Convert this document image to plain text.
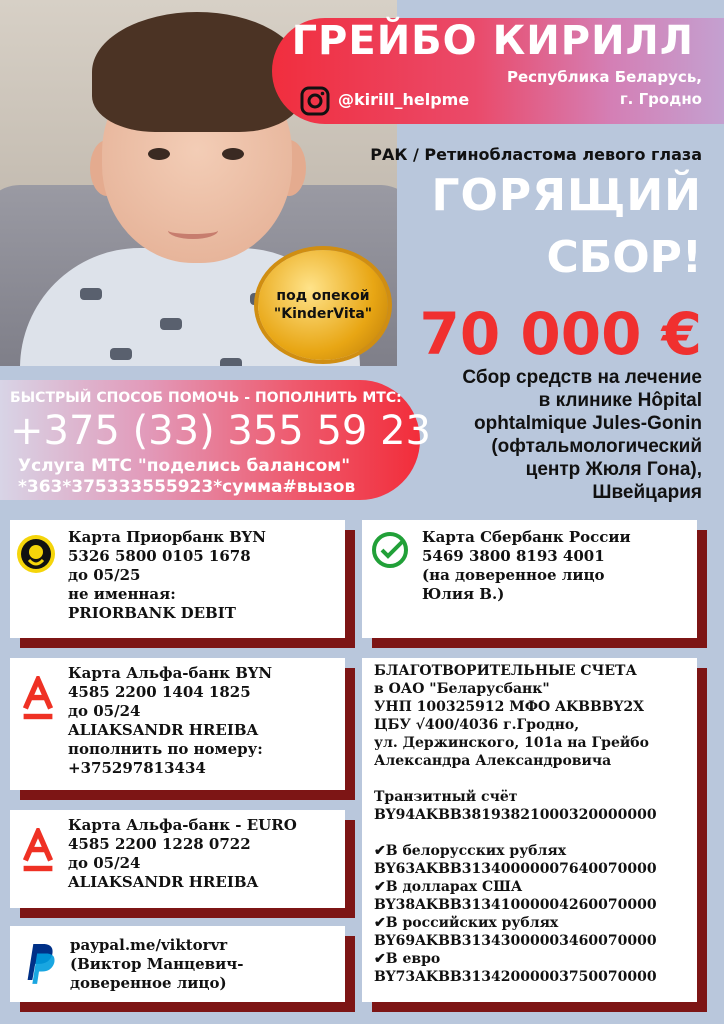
под опекой
"KinderVita"
ГРЕЙБО КИРИЛЛ
Республика Беларусь,
г. Гродно
@kirill_helpme
РАК / Ретинобластома левого глаза
ГОРЯЩИЙ
СБОР!
70 000 €
Сбор средств на лечение
в клинике Hôpital
ophtalmique Jules-Gonin
(офтальмологический
центр Жюля Гона),
Швейцария
БЫСТРЫЙ СПОСОБ ПОМОЧЬ - ПОПОЛНИТЬ МТС:
+375 (33) 355 59 23
Услуга МТС "поделись балансом"
*363*375333555923*сумма#вызов
Карта Приорбанк BYN
5326 5800 0105 1678
до 05/25
не именная:
PRIORBANK DEBIT
Карта Сбербанк России
5469 3800 8193 4001
(на доверенное лицо
Юлия В.)
Карта Альфа-банк BYN
4585 2200 1404 1825
до 05/24
ALIAKSANDR HREIBA
пополнить по номеру:
+375297813434
Карта Альфа-банк - EURO
4585 2200 1228 0722
до 05/24
ALIAKSANDR HREIBA
paypal.me/viktorvr
(Виктор Манцевич-
доверенное лицо)
БЛАГОТВОРИТЕЛЬНЫЕ СЧЕТА
в ОАО "Беларусбанк"
УНП 100325912 МФО AKBBBY2X
ЦБУ √400/4036 г.Гродно,
ул. Держинского, 101а на Грейбо
Александра Александровича
Транзитный счёт
BY94AKBB38193821000320000000
✔В белорусских рублях
BY63AKBB31340000007640070000
✔В долларах США
BY38AKBB31341000004260070000
✔В российских рублях
BY69AKBB31343000003460070000
✔В евро
BY73AKBB31342000003750070000
